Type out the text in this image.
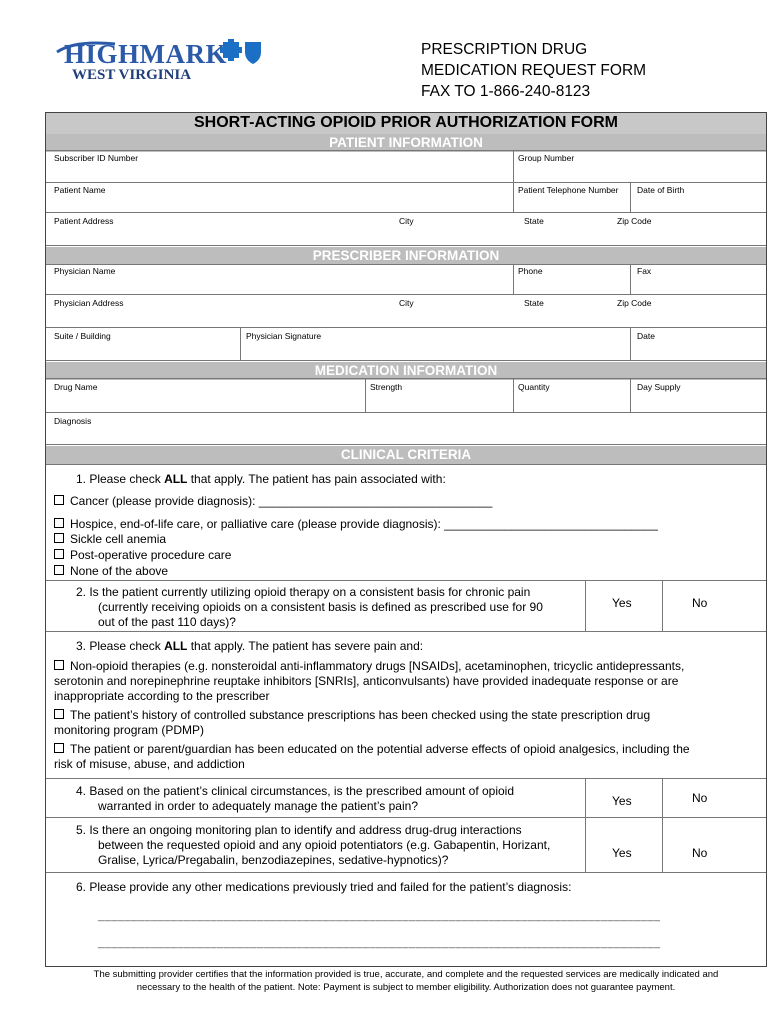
HIGHMARK
WEST VIRGINIA
PRESCRIPTION DRUG
MEDICATION REQUEST FORM
FAX TO 1-866-240-8123
SHORT-ACTING OPIOID PRIOR AUTHORIZATION FORM
PATIENT INFORMATION
Subscriber ID Number	Group Number
Patient Name	Patient Telephone Number Date of Birth
Patient Address	City	State	Zip Code
PRESCRIBER INFORMATION
Physician Name	Phone	Fax
Physician Address	City	State	Zip Code
Suite / Building	Physician Signature	Date
MEDICATION INFORMATION
Drug Name	Strength	Quantity	Day Supply
Diagnosis
CLINICAL CRITERIA
1. Please check ALL that apply. The patient has pain associated with:
Cancer (please provide diagnosis): ___________________________________
Hospice, end-of-life care, or palliative care (please provide diagnosis): ________________________________
Sickle cell anemia
Post-operative procedure care
None of the above
2. Is the patient currently utilizing opioid therapy on a consistent basis for chronic pain
(currently receiving opioids on a consistent basis is defined as prescribed use for 90
out of the past 110 days)?
Yes	No
3. Please check ALL that apply. The patient has severe pain and:
Non-opioid therapies (e.g. nonsteroidal anti-inflammatory drugs [NSAIDs], acetaminophen, tricyclic antidepressants,
serotonin and norepinephrine reuptake inhibitors [SNRIs], anticonvulsants) have provided inadequate response or are
inappropriate according to the prescriber
The patient’s history of controlled substance prescriptions has been checked using the state prescription drug
monitoring program (PDMP)
The patient or parent/guardian has been educated on the potential adverse effects of opioid analgesics, including the
risk of misuse, abuse, and addiction
4. Based on the patient’s clinical circumstances, is the prescribed amount of opioid
warranted in order to adequately manage the patient’s pain?	Yes	No
5. Is there an ongoing monitoring plan to identify and address drug-drug interactions
between the requested opioid and any opioid potentiators (e.g. Gabapentin, Horizant,
Gralise, Lyrica/Pregabalin, benzodiazepines, sedative-hypnotics)?	Yes	No
6. Please provide any other medications previously tried and failed for the patient’s diagnosis:
_____________________________________________________________________________________
_____________________________________________________________________________________
The submitting provider certifies that the information provided is true, accurate, and complete and the requested services are medically indicated and
necessary to the health of the patient. Note: Payment is subject to member eligibility. Authorization does not guarantee payment.
